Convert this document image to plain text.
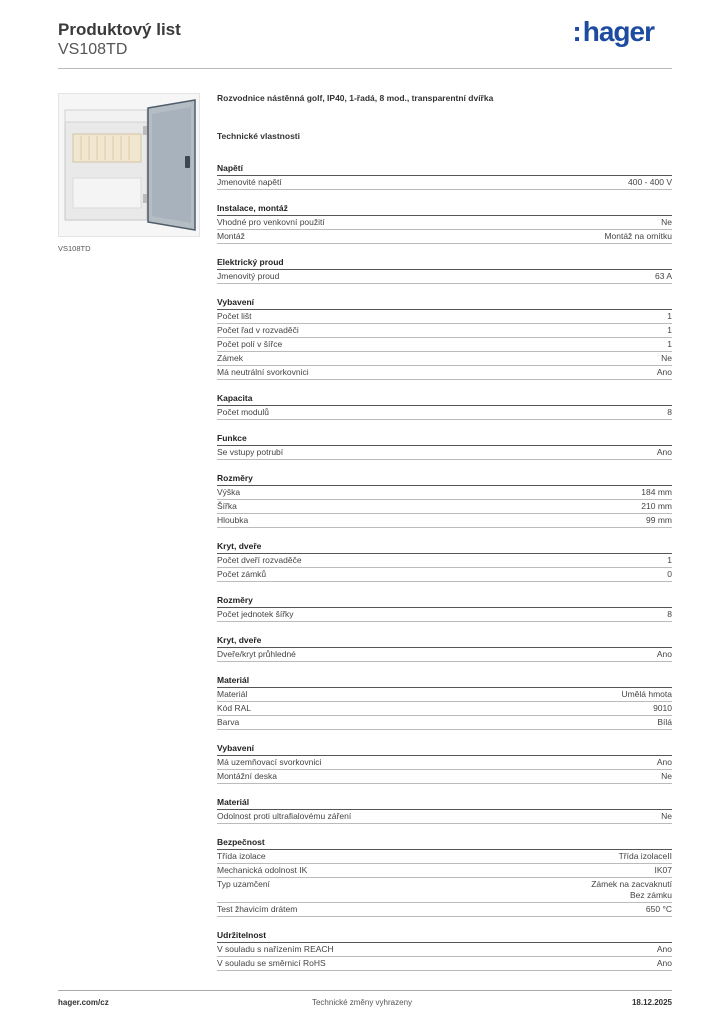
Produktový list
VS108TD
:hager
VS108TD
Rozvodnice nástěnná golf, IP40, 1-řadá, 8 mod., transparentní dvířka
Technické vlastnosti
Napětí
Jmenovité napětí	400 - 400 V
Instalace, montáž
Vhodné pro venkovní použití	Ne
Montáž	Montáž na omítku
Elektrický proud
Jmenovitý proud	63 A
Vybavení
Počet lišt	1
Počet řad v rozvaděči	1
Počet polí v šířce	1
Zámek	Ne
Má neutrální svorkovnici	Ano
Kapacita
Počet modulů	8
Funkce
Se vstupy potrubí	Ano
Rozměry
Výška	184 mm
Šířka	210 mm
Hloubka	99 mm
Kryt, dveře
Počet dveří rozvaděče	1
Počet zámků	0
Rozměry
Počet jednotek šířky	8
Kryt, dveře
Dveře/kryt průhledné	Ano
Materiál
Materiál	Umělá hmota
Kód RAL	9010
Barva	Bílá
Vybavení
Má uzemňovací svorkovnici	Ano
Montážní deska	Ne
Materiál
Odolnost proti ultrafialovému záření	Ne
Bezpečnost
Třída izolace	Třída izolaceII
Mechanická odolnost IK	IK07
Typ uzamčení	Zámek na zacvaknutí
Bez zámku
Test žhavicím drátem	650 °C
Udržitelnost
V souladu s nařízením REACH	Ano
V souladu se směrnicí RoHS	Ano
hager.com/cz	Technické změny vyhrazeny	18.12.2025
